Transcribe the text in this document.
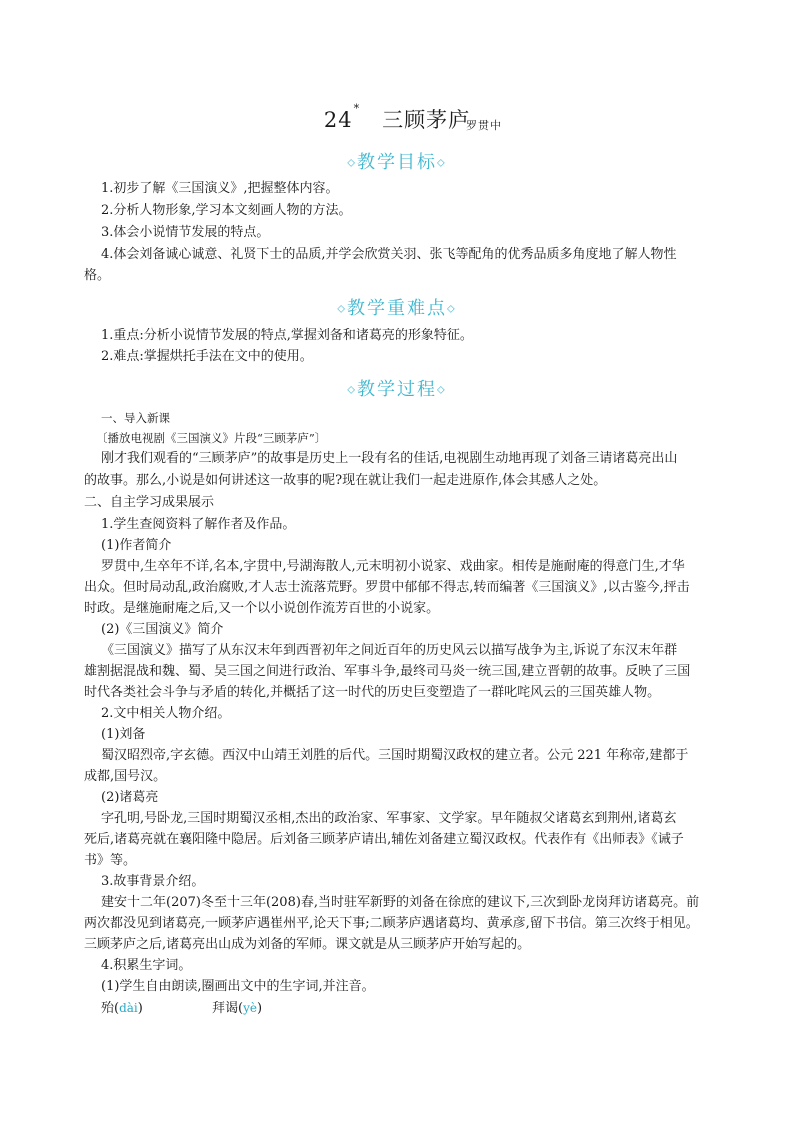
24* 三顾茅庐
罗贯中
◇教学目标◇
1.初步了解《三国演义》,把握整体内容。
2.分析人物形象,学习本文刻画人物的方法。
3.体会小说情节发展的特点。
4.体会刘备诚心诚意、礼贤下士的品质,并学会欣赏关羽、张飞等配角的优秀品质多角度地了解人物性
格。
◇教学重难点◇
1.重点:分析小说情节发展的特点,掌握刘备和诸葛亮的形象特征。
2.难点:掌握烘托手法在文中的使用。
◇教学过程◇
一、导入新课
〔播放电视剧《三国演义》片段“三顾茅庐”〕
刚才我们观看的“三顾茅庐”的故事是历史上一段有名的佳话,电视剧生动地再现了刘备三请诸葛亮出山
的故事。那么,小说是如何讲述这一故事的呢?现在就让我们一起走进原作,体会其感人之处。
二、自主学习成果展示
1.学生查阅资料了解作者及作品。
(1)作者简介
罗贯中,生卒年不详,名本,字贯中,号湖海散人,元末明初小说家、戏曲家。相传是施耐庵的得意门生,才华
出众。但时局动乱,政治腐败,才人志士流落荒野。罗贯中郁郁不得志,转而编著《三国演义》,以古鉴今,抨击
时政。是继施耐庵之后,又一个以小说创作流芳百世的小说家。
(2)《三国演义》简介
《三国演义》描写了从东汉末年到西晋初年之间近百年的历史风云以描写战争为主,诉说了东汉末年群
雄割据混战和魏、蜀、吴三国之间进行政治、军事斗争,最终司马炎一统三国,建立晋朝的故事。反映了三国
时代各类社会斗争与矛盾的转化,并概括了这一时代的历史巨变塑造了一群叱咤风云的三国英雄人物。
2.文中相关人物介绍。
(1)刘备
蜀汉昭烈帝,字玄德。西汉中山靖王刘胜的后代。三国时期蜀汉政权的建立者。公元 221 年称帝,建都于
成都,国号汉。
(2)诸葛亮
字孔明,号卧龙,三国时期蜀汉丞相,杰出的政治家、军事家、文学家。早年随叔父诸葛玄到荆州,诸葛玄
死后,诸葛亮就在襄阳隆中隐居。后刘备三顾茅庐请出,辅佐刘备建立蜀汉政权。代表作有《出师表》《诫子
书》等。
3.故事背景介绍。
建安十二年(207)冬至十三年(208)春,当时驻军新野的刘备在徐庶的建议下,三次到卧龙岗拜访诸葛亮。前
两次都没见到诸葛亮,一顾茅庐遇崔州平,论天下事;二顾茅庐遇诸葛均、黄承彦,留下书信。第三次终于相见。
三顾茅庐之后,诸葛亮出山成为刘备的军师。课文就是从三顾茅庐开始写起的。
4.积累生字词。
(1)学生自由朗读,圈画出文中的生字词,并注音。
殆(dài)	拜谒(yè)
